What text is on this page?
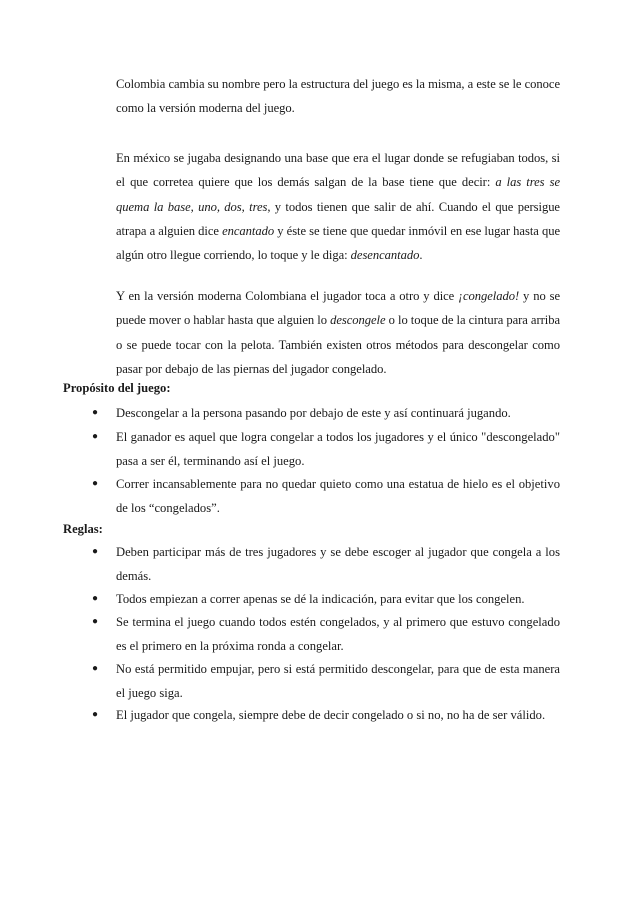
Colombia cambia su nombre pero la estructura del juego es la misma, a este se le conoce como la versión moderna del juego.

En méxico se jugaba designando una base que era el lugar donde se refugiaban todos, si el que corretea quiere que los demás salgan de la base tiene que decir: a las tres se quema la base, uno, dos, tres, y todos tienen que salir de ahí. Cuando el que persigue atrapa a alguien dice encantado y éste se tiene que quedar inmóvil en ese lugar hasta que algún otro llegue corriendo, lo toque y le diga: desencantado.

Y en la versión moderna Colombiana el jugador toca a otro y dice ¡congelado! y no se puede mover o hablar hasta que alguien lo descongele o lo toque de la cintura para arriba o se puede tocar con la pelota. También existen otros métodos para descongelar como pasar por debajo de las piernas del jugador congelado.

Propósito del juego:

● Descongelar a la persona pasando por debajo de este y así continuará jugando.
● El ganador es aquel que logra congelar a todos los jugadores y el único "descongelado" pasa a ser él, terminando así el juego.
● Correr incansablemente para no quedar quieto como una estatua de hielo es el objetivo de los “congelados”.

Reglas:

● Deben participar más de tres jugadores y se debe escoger al jugador que congela a los demás.
● Todos empiezan a correr apenas se dé la indicación, para evitar que los congelen.
● Se termina el juego cuando todos estén congelados, y al primero que estuvo congelado es el primero en la próxima ronda a congelar.
● No está permitido empujar, pero si está permitido descongelar, para que de esta manera el juego siga.
● El jugador que congela, siempre debe de decir congelado o si no, no ha de ser válido.
